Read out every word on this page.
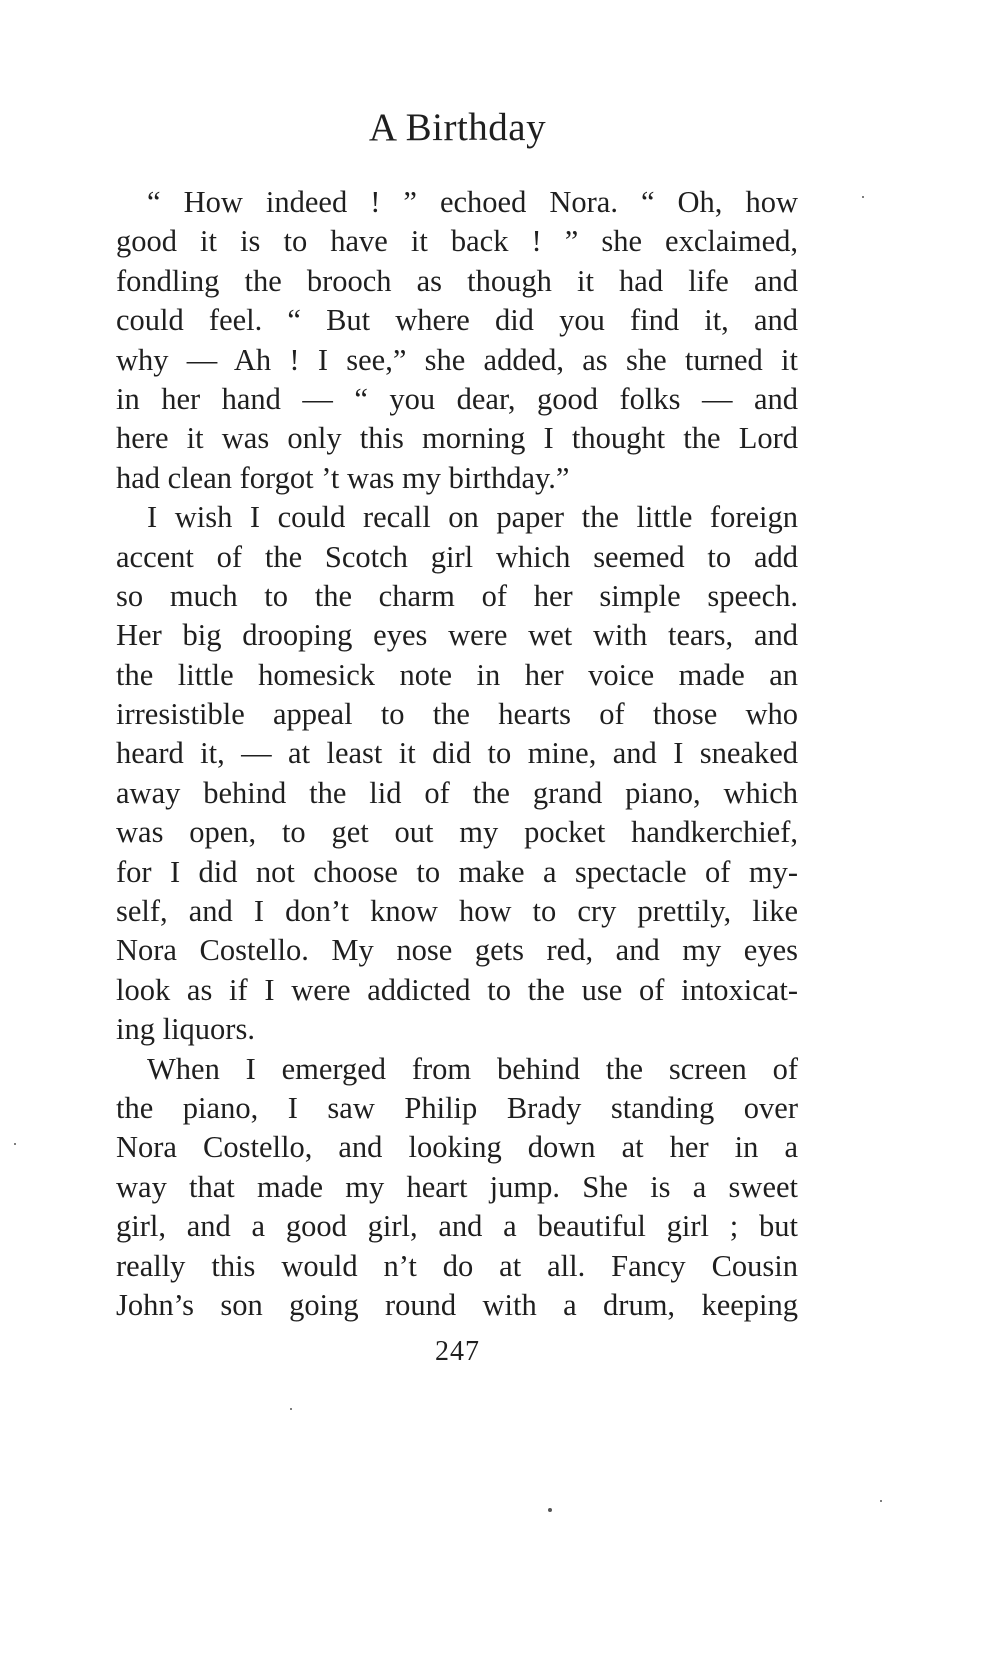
A Birthday
“ How indeed ! ” echoed Nora. “ Oh, how
good it is to have it back ! ” she exclaimed,
fondling the brooch as though it had life and
could feel. “ But where did you find it, and
why — Ah ! I see,” she added, as she turned it
in her hand — “ you dear, good folks — and
here it was only this morning I thought the Lord
had clean forgot ’t was my birthday.”
I wish I could recall on paper the little foreign
accent of the Scotch girl which seemed to add
so much to the charm of her simple speech.
Her big drooping eyes were wet with tears, and
the little homesick note in her voice made an
irresistible appeal to the hearts of those who
heard it, — at least it did to mine, and I sneaked
away behind the lid of the grand piano, which
was open, to get out my pocket handkerchief,
for I did not choose to make a spectacle of my-
self, and I don’t know how to cry prettily, like
Nora Costello. My nose gets red, and my eyes
look as if I were addicted to the use of intoxicat-
ing liquors.
When I emerged from behind the screen of
the piano, I saw Philip Brady standing over
Nora Costello, and looking down at her in a
way that made my heart jump. She is a sweet
girl, and a good girl, and a beautiful girl ; but
really this would n’t do at all. Fancy Cousin
John’s son going round with a drum, keeping
247
